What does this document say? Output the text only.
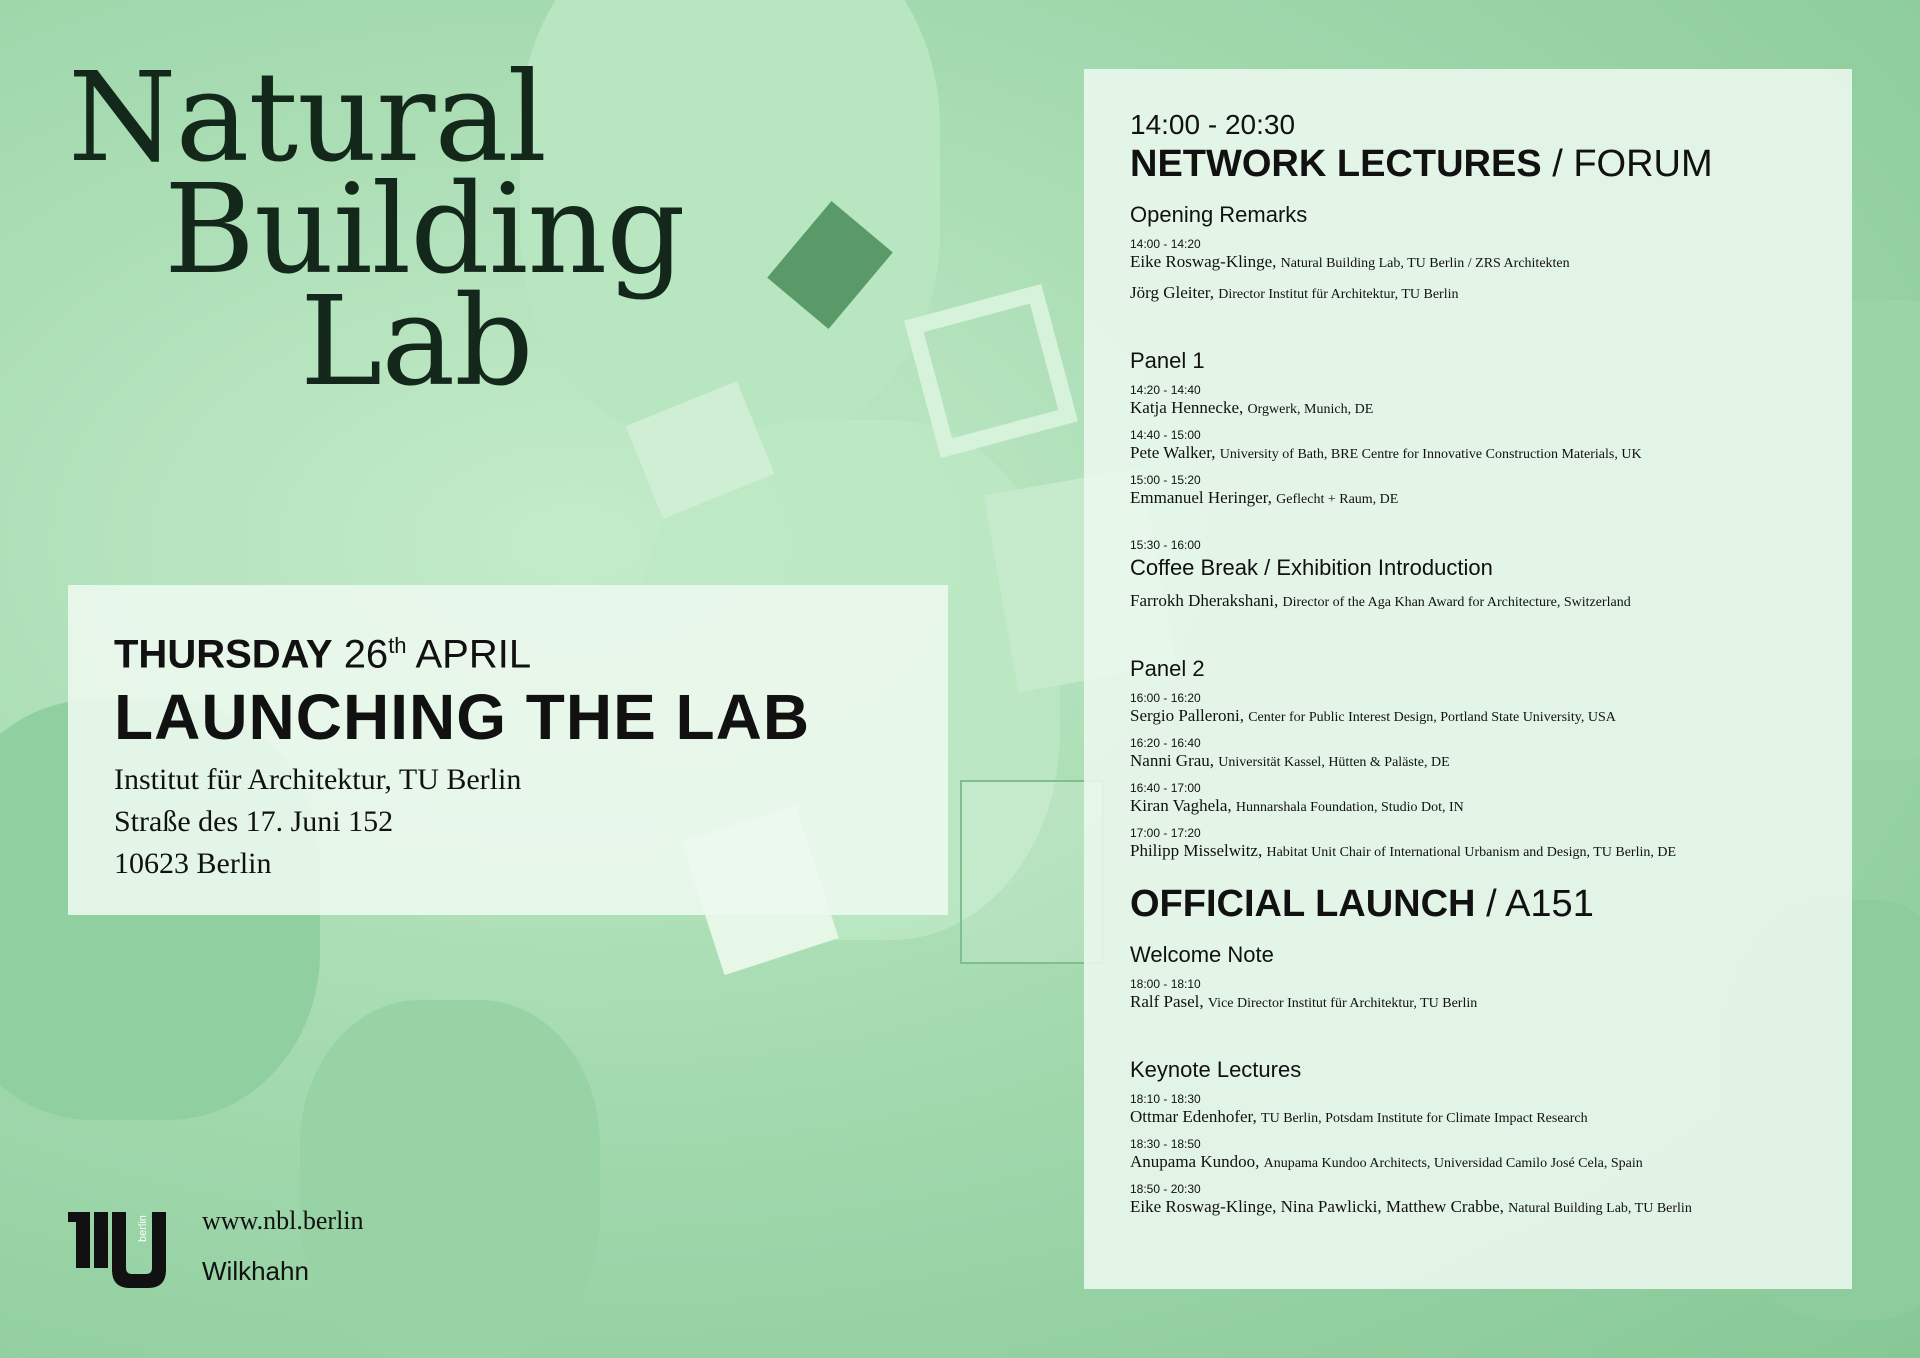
Natural
Building
Lab

THURSDAY 26th APRIL

LAUNCHING THE LAB
Institut für Architektur, TU Berlin
Straße des 17. Juni 152
10623 Berlin
berlin www.nbl.berlin
Wilkhahn
14:00 - 20:30
NETWORK LECTURES / FORUM
Opening Remarks
14:00 - 14:20
Eike Roswag-Klinge, Natural Building Lab, TU Berlin / ZRS Architekten
Jörg Gleiter, Director Institut für Architektur, TU Berlin
Panel 1
14:20 - 14:40
Katja Hennecke, Orgwerk, Munich, DE
14:40 - 15:00
Pete Walker, University of Bath, BRE Centre for Innovative Construction Materials, UK
15:00 - 15:20
Emmanuel Heringer, Geflecht + Raum, DE
15:30 - 16:00
Coffee Break / Exhibition Introduction
Farrokh Dherakshani, Director of the Aga Khan Award for Architecture, Switzerland
Panel 2
16:00 - 16:20
Sergio Palleroni, Center for Public Interest Design, Portland State University, USA
16:20 - 16:40
Nanni Grau, Universität Kassel, Hütten & Paläste, DE
16:40 - 17:00
Kiran Vaghela, Hunnarshala Foundation, Studio Dot, IN
17:00 - 17:20
Philipp Misselwitz, Habitat Unit Chair of International Urbanism and Design, TU Berlin, DE
OFFICIAL LAUNCH / A151
Welcome Note
18:00 - 18:10
Ralf Pasel, Vice Director Institut für Architektur, TU Berlin
Keynote Lectures
18:10 - 18:30
Ottmar Edenhofer, TU Berlin, Potsdam Institute for Climate Impact Research
18:30 - 18:50
Anupama Kundoo, Anupama Kundoo Architects, Universidad Camilo José Cela, Spain
18:50 - 20:30
Eike Roswag-Klinge, Nina Pawlicki, Matthew Crabbe, Natural Building Lab, TU Berlin
